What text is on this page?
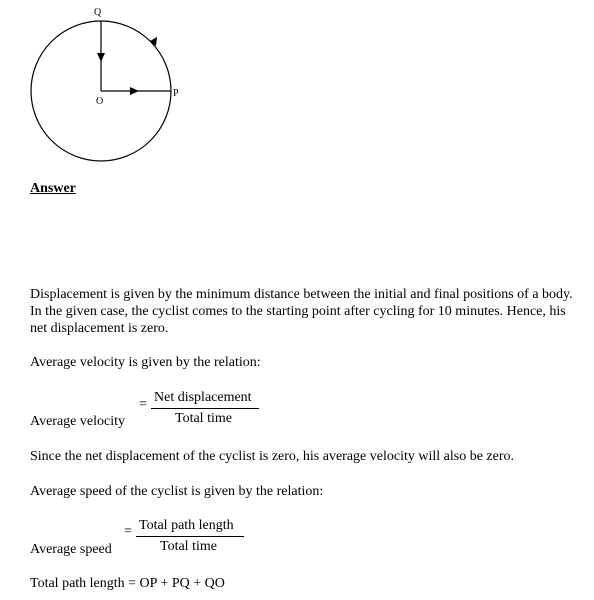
Q
O
P
Answer
Displacement is given by the minimum distance between the initial and final positions of a body. In the given case, the cyclist comes to the starting point after cycling for 10 minutes. Hence, his net displacement is zero.
Average velocity is given by the relation:
Average velocity
= Net displacement
Total time
Since the net displacement of the cyclist is zero, his average velocity will also be zero.
Average speed of the cyclist is given by the relation:
Average speed
= Total path length
Total time
Total path length = OP + PQ + QO
